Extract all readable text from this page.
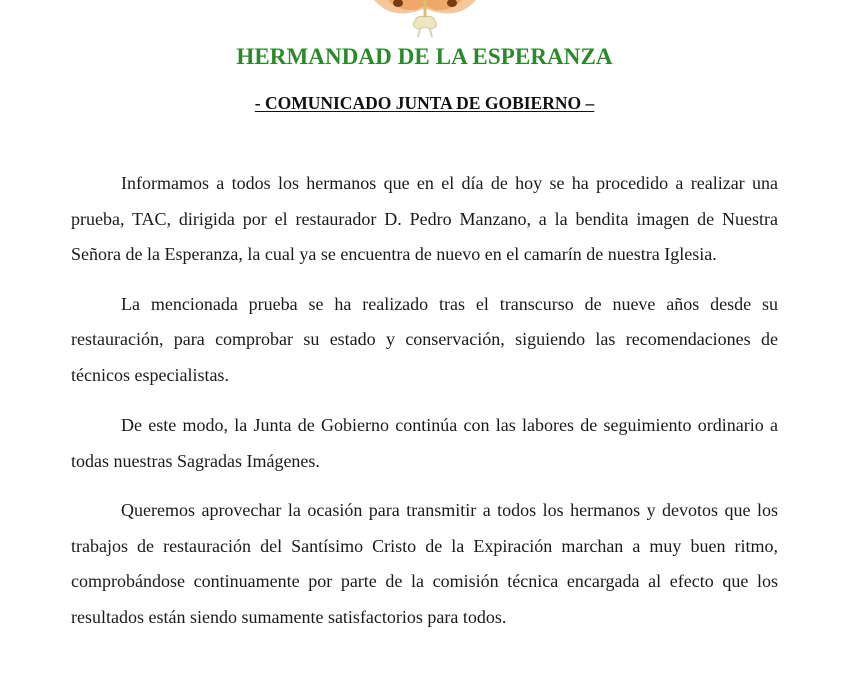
HERMANDAD DE LA ESPERANZA
- COMUNICADO JUNTA DE GOBIERNO –

Informamos a todos los hermanos que en el día de hoy se ha procedido a realizar una prueba, TAC, dirigida por el restaurador D. Pedro Manzano, a la bendita imagen de Nuestra Señora de la Esperanza, la cual ya se encuentra de nuevo en el camarín de nuestra Iglesia.

La mencionada prueba se ha realizado tras el transcurso de nueve años desde su restauración, para comprobar su estado y conservación, siguiendo las recomendaciones de técnicos especialistas.

De este modo, la Junta de Gobierno continúa con las labores de seguimiento ordinario a todas nuestras Sagradas Imágenes.

Queremos aprovechar la ocasión para transmitir a todos los hermanos y devotos que los trabajos de restauración del Santísimo Cristo de la Expiración marchan a muy buen ritmo, comprobándose continuamente por parte de la comisión técnica encargada al efecto que los resultados están siendo sumamente satisfactorios para todos.
